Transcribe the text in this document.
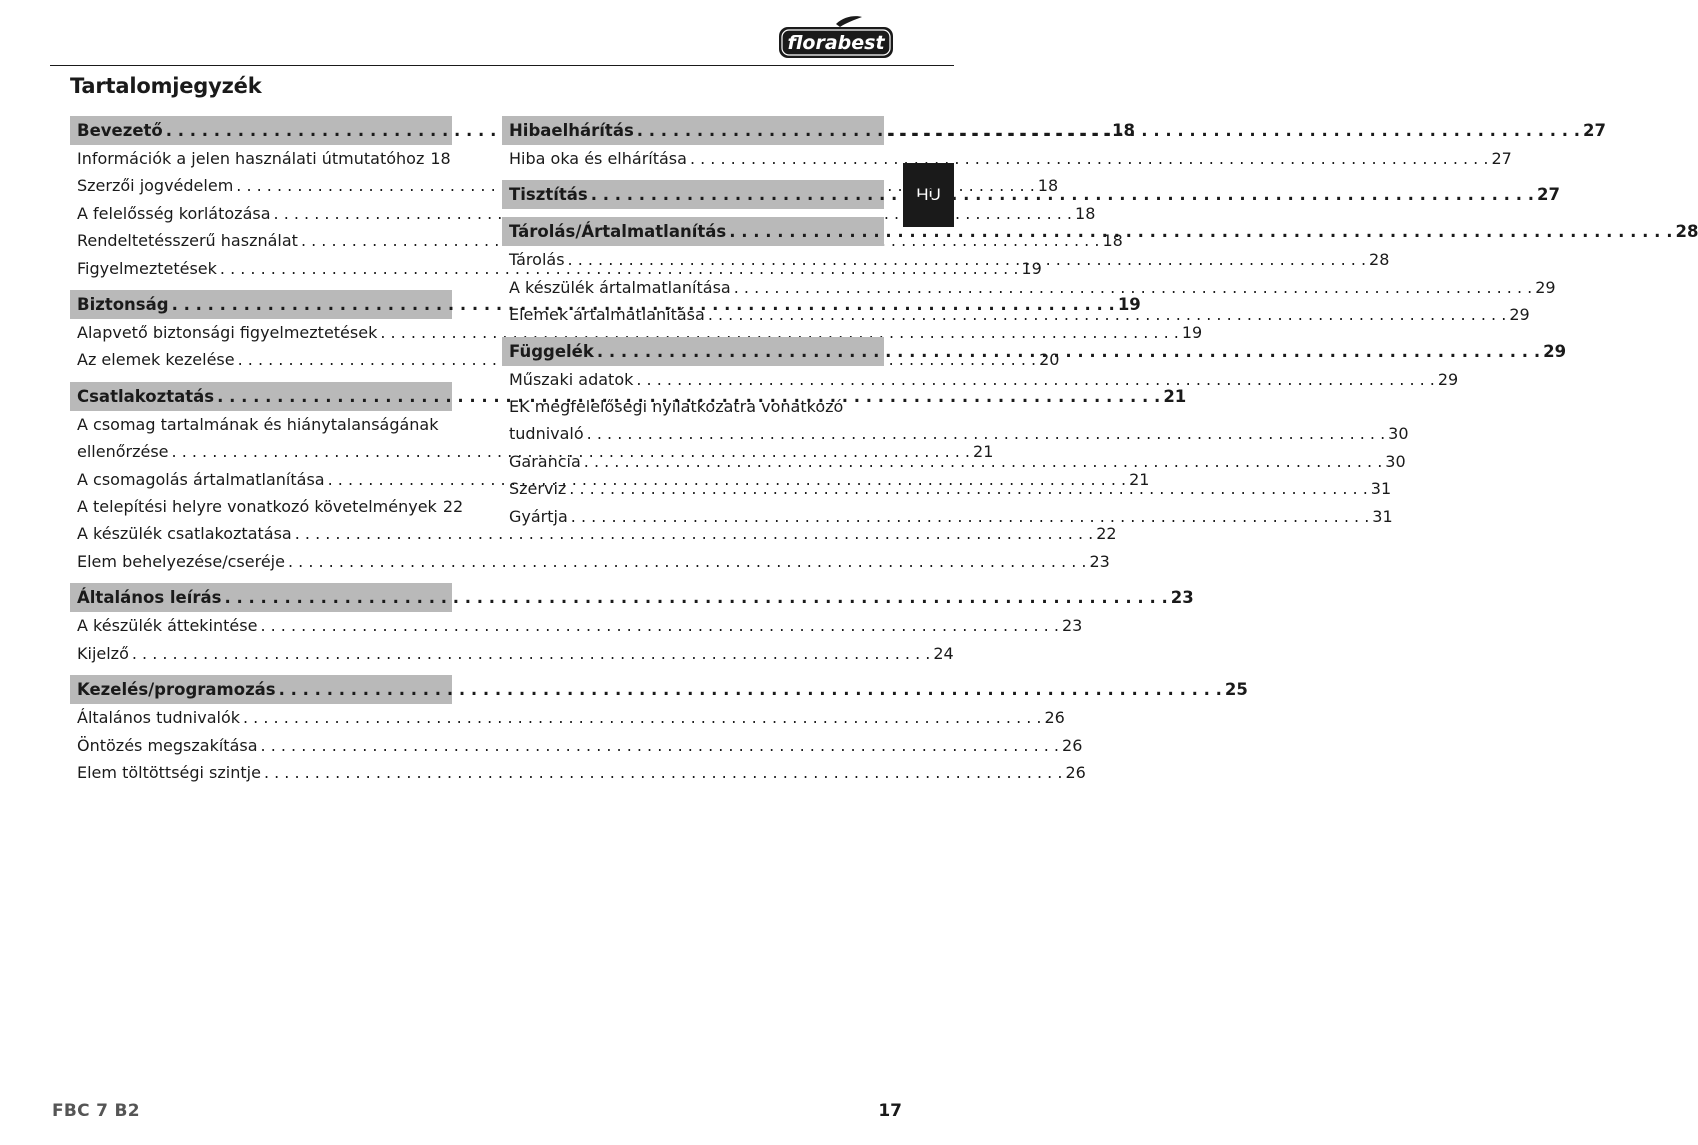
florabest
Tartalomjegyzék
HU
Bevezető . . .	18
Információk a jelen használati útmutatóhoz 18
Szerzői jogvédelem . . .	18
A felelősség korlátozása . . .	18
Rendeltetésszerű használat . . .	18
Figyelmeztetések . . .	19
Biztonság . . .	19
Alapvető biztonsági figyelmeztetések . . .	19
Az elemek kezelése . . .	20
Csatlakoztatás . . .	21
A csomag tartalmának és hiánytalanságának
ellenőrzése . . .	21
A csomagolás ártalmatlanítása . . .	21
A telepítési helyre vonatkozó követelmények 22
A készülék csatlakoztatása . . .	22
Elem behelyezése/cseréje . . .	23
Általános leírás . . .	23
A készülék áttekintése . . .	23
Kijelző . . .	24
Kezelés/programozás . . .	25
Általános tudnivalók . . .	26
Öntözés megszakítása . . .	26
Elem töltöttségi szintje . . .	26
Hibaelhárítás . . .	27
Hiba oka és elhárítása . . .	27
Tisztítás . . .	27
Tárolás/Ártalmatlanítás . . .	28
Tárolás . . .	28
A készülék ártalmatlanítása . . .	29
Elemek ártalmatlanítása . . .	29
Függelék . . .	29
Műszaki adatok . . .	29
EK megfelelőségi nyilatkozatra vonatkozó
tudnivaló . . .	30
Garancia . . .	30
Szerviz . . .	31
Gyártja . . .	31
FBC 7 B2	17
